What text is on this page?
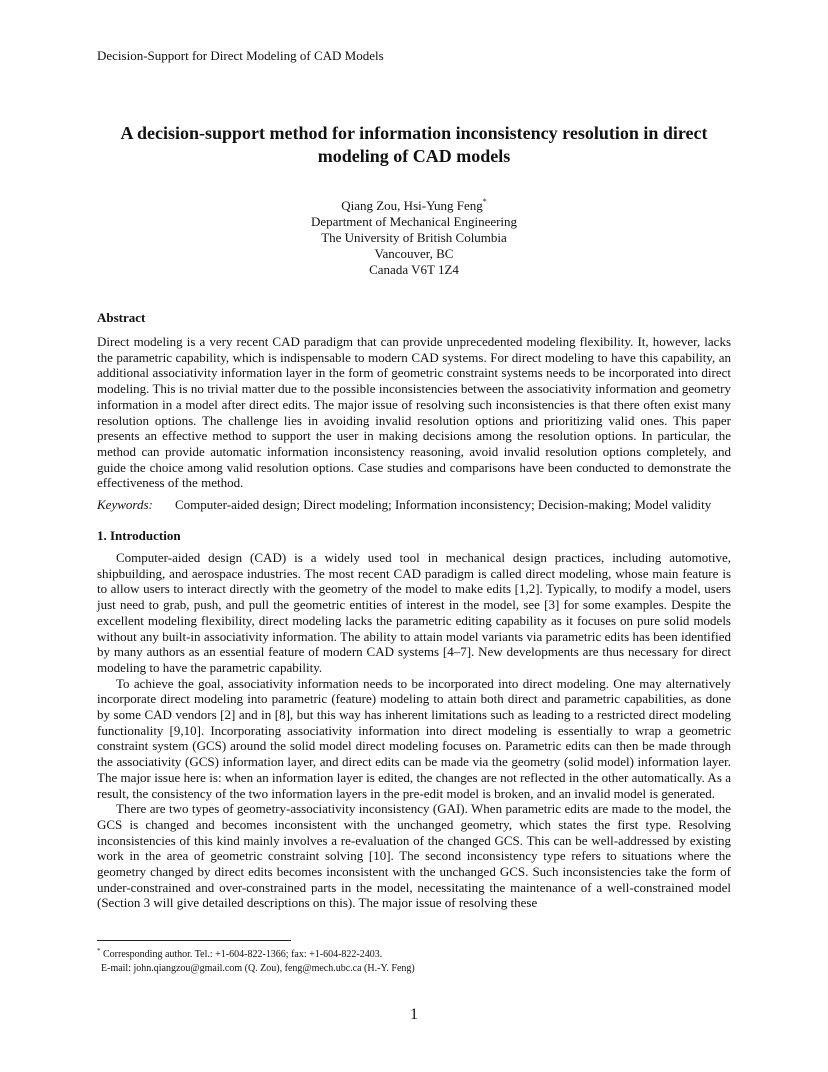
Decision-Support for Direct Modeling of CAD Models
A decision-support method for information inconsistency resolution in direct
modeling of CAD models
Qiang Zou, Hsi-Yung Feng*
Department of Mechanical Engineering
The University of British Columbia
Vancouver, BC
Canada V6T 1Z4
Abstract

Direct modeling is a very recent CAD paradigm that can provide unprecedented modeling flexibility. It, however, lacks the parametric capability, which is indispensable to modern CAD systems. For direct modeling to have this capability, an additional associativity information layer in the form of geometric constraint systems needs to be incorporated into direct modeling. This is no trivial matter due to the possible inconsistencies between the associativity information and geometry information in a model after direct edits. The major issue of resolving such inconsistencies is that there often exist many resolution options. The challenge lies in avoiding invalid resolution options and prioritizing valid ones. This paper presents an effective method to support the user in making decisions among the resolution options. In particular, the method can provide automatic information inconsistency reasoning, avoid invalid resolution options completely, and guide the choice among valid resolution options. Case studies and comparisons have been conducted to demonstrate the effectiveness of the method.

Keywords: Computer-aided design; Direct modeling; Information inconsistency; Decision-making; Model validity
1. Introduction

Computer-aided design (CAD) is a widely used tool in mechanical design practices, including automotive, shipbuilding, and aerospace industries. The most recent CAD paradigm is called direct modeling, whose main feature is to allow users to interact directly with the geometry of the model to make edits [1,2]. Typically, to modify a model, users just need to grab, push, and pull the geometric entities of interest in the model, see [3] for some examples. Despite the excellent modeling flexibility, direct modeling lacks the parametric editing capability as it focuses on pure solid models without any built-in associativity information. The ability to attain model variants via parametric edits has been identified by many authors as an essential feature of modern CAD systems [4–7]. New developments are thus necessary for direct modeling to have the parametric capability.

To achieve the goal, associativity information needs to be incorporated into direct modeling. One may alternatively incorporate direct modeling into parametric (feature) modeling to attain both direct and parametric capabilities, as done by some CAD vendors [2] and in [8], but this way has inherent limitations such as leading to a restricted direct modeling functionality [9,10]. Incorporating associativity information into direct modeling is essentially to wrap a geometric constraint system (GCS) around the solid model direct modeling focuses on. Parametric edits can then be made through the associativity (GCS) information layer, and direct edits can be made via the geometry (solid model) information layer. The major issue here is: when an information layer is edited, the changes are not reflected in the other automatically. As a result, the consistency of the two information layers in the pre-edit model is broken, and an invalid model is generated.

There are two types of geometry-associativity inconsistency (GAI). When parametric edits are made to the model, the GCS is changed and becomes inconsistent with the unchanged geometry, which states the first type. Resolving inconsistencies of this kind mainly involves a re-evaluation of the changed GCS. This can be well-addressed by existing work in the area of geometric constraint solving [10]. The second inconsistency type refers to situations where the geometry changed by direct edits becomes inconsistent with the unchanged GCS. Such inconsistencies take the form of under-constrained and over-constrained parts in the model, necessitating the maintenance of a well-constrained model (Section 3 will give detailed descriptions on this). The major issue of resolving these

* Corresponding author. Tel.: +1-604-822-1366; fax: +1-604-822-2403.
E-mail: john.qiangzou@gmail.com (Q. Zou), feng@mech.ubc.ca (H.-Y. Feng)
1
